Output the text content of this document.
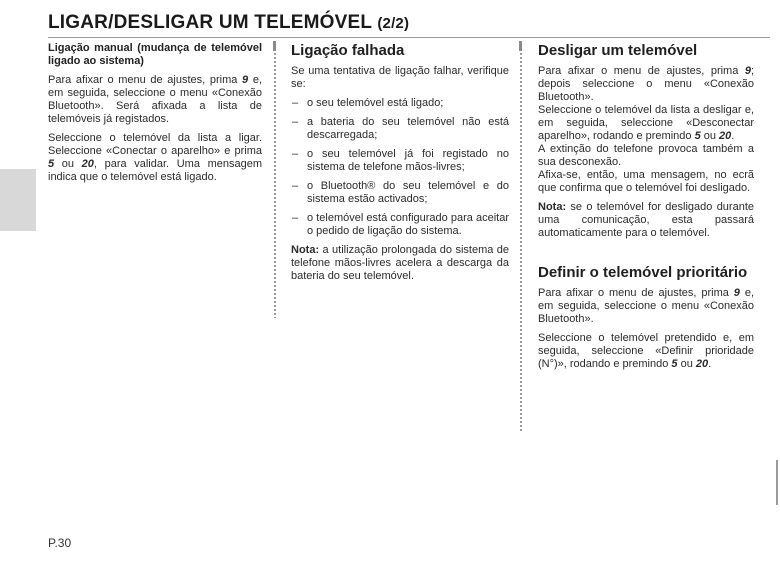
LIGAR/DESLIGAR UM TELEMÓVEL (2/2)
Ligação manual (mudança de telemóvel ligado ao sistema)

Para afixar o menu de ajustes, prima 9 e, em seguida, seleccione o menu «Conexão Bluetooth». Será afixada a lista de telemóveis já registados.

Seleccione o telemóvel da lista a ligar. Seleccione «Conectar o aparelho» e prima 5 ou 20, para validar. Uma mensagem indica que o telemóvel está ligado.

Ligação falhada

Se uma tentativa de ligação falhar, verifique se:

– o seu telemóvel está ligado;
– a bateria do seu telemóvel não está descarregada;
– o seu telemóvel já foi registado no sistema de telefone mãos-livres;
– o Bluetooth® do seu telemóvel e do sistema estão activados;
– o telemóvel está configurado para aceitar o pedido de ligação do sistema.

Nota: a utilização prolongada do sistema de telefone mãos-livres acelera a descarga da bateria do seu telemóvel.

Desligar um telemóvel

Para afixar o menu de ajustes, prima 9; depois seleccione o menu «Conexão Bluetooth».

Seleccione o telemóvel da lista a desligar e, em seguida, seleccione «Desconectar aparelho», rodando e premindo 5 ou 20.

A extinção do telefone provoca também a sua desconexão.

Afixa-se, então, uma mensagem, no ecrã que confirma que o telemóvel foi desligado.

Nota: se o telemóvel for desligado durante uma comunicação, esta passará automaticamente para o telemóvel.

Definir o telemóvel prioritário

Para afixar o menu de ajustes, prima 9 e, em seguida, seleccione o menu «Conexão Bluetooth».

Seleccione o telemóvel pretendido e, em seguida, seleccione «Definir prioridade (N°)», rodando e premindo 5 ou 20.

P.30
